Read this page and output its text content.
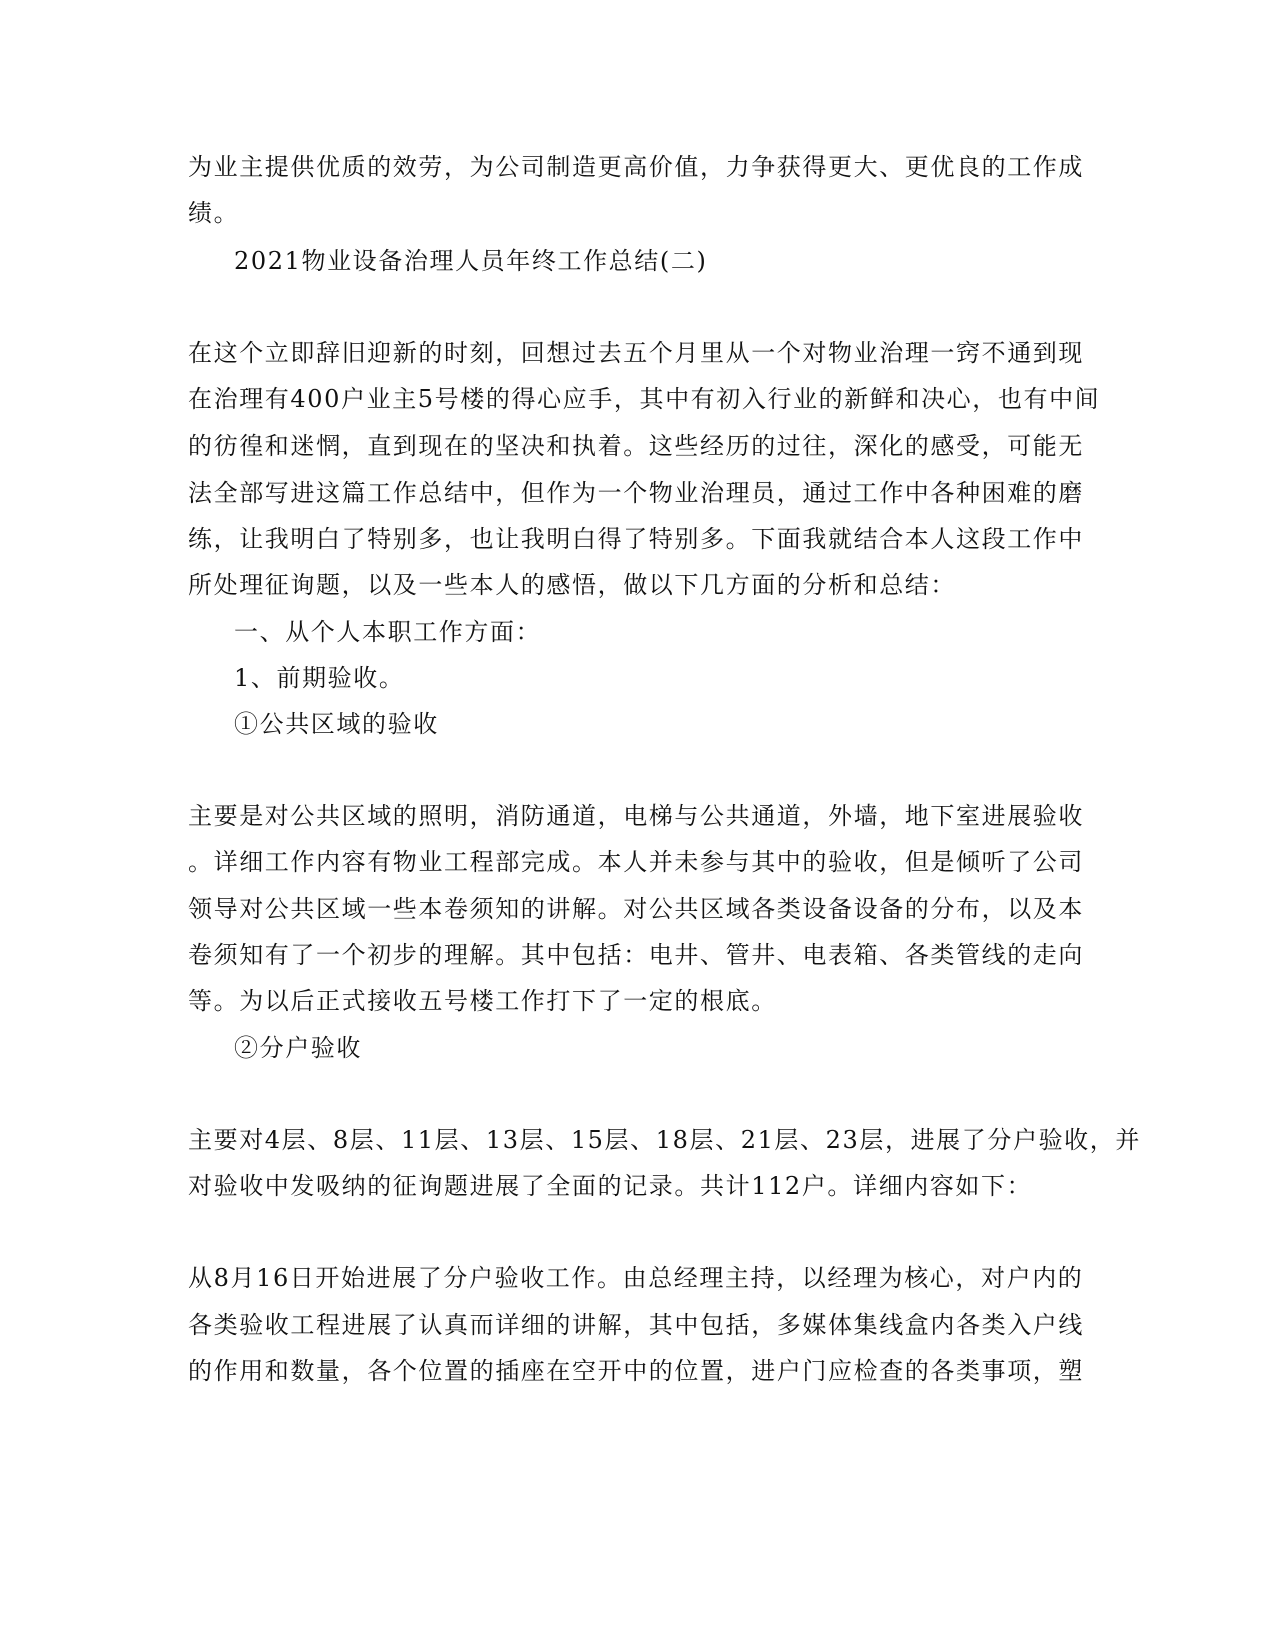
为业主提供优质的效劳，为公司制造更高价值，力争获得更大、更优良的工作成
绩。
2021物业设备治理人员年终工作总结(二)
在这个立即辞旧迎新的时刻，回想过去五个月里从一个对物业治理一窍不通到现
在治理有400户业主5号楼的得心应手，其中有初入行业的新鲜和决心，也有中间
的彷徨和迷惘，直到现在的坚决和执着。这些经历的过往，深化的感受，可能无
法全部写进这篇工作总结中，但作为一个物业治理员，通过工作中各种困难的磨
练，让我明白了特别多，也让我明白得了特别多。下面我就结合本人这段工作中
所处理征询题，以及一些本人的感悟，做以下几方面的分析和总结：
一、从个人本职工作方面：
1、前期验收。
①公共区域的验收
主要是对公共区域的照明，消防通道，电梯与公共通道，外墙，地下室进展验收
。详细工作内容有物业工程部完成。本人并未参与其中的验收，但是倾听了公司
领导对公共区域一些本卷须知的讲解。对公共区域各类设备设备的分布，以及本
卷须知有了一个初步的理解。其中包括：电井、管井、电表箱、各类管线的走向
等。为以后正式接收五号楼工作打下了一定的根底。
②分户验收
主要对4层、8层、11层、13层、15层、18层、21层、23层，进展了分户验收，并
对验收中发吸纳的征询题进展了全面的记录。共计112户。详细内容如下：
从8月16日开始进展了分户验收工作。由总经理主持，以经理为核心，对户内的
各类验收工程进展了认真而详细的讲解，其中包括，多媒体集线盒内各类入户线
的作用和数量，各个位置的插座在空开中的位置，进户门应检查的各类事项，塑
